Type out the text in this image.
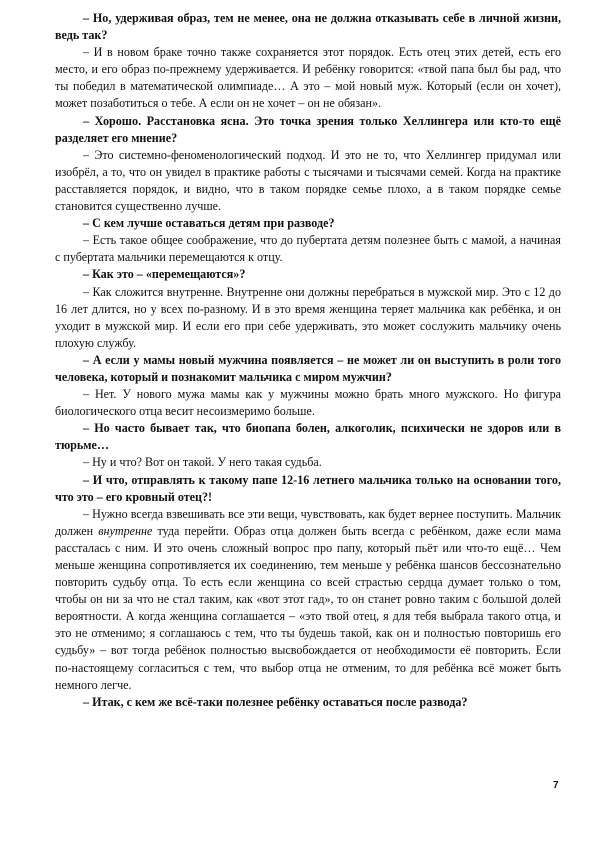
– Но, удерживая образ, тем не менее, она не должна отказывать себе в личной жизни, ведь так?

– И в новом браке точно также сохраняется этот порядок. Есть отец этих детей, есть его место, и его образ по-прежнему удерживается. И ребёнку говорится: «твой папа был бы рад, что ты победил в математической олимпиаде… А это – мой новый муж. Который (если он хочет), может позаботиться о тебе. А если он не хочет – он не обязан».

– Хорошо. Расстановка ясна. Это точка зрения только Хеллингера или кто-то ещё разделяет его мнение?

– Это системно-феноменологический подход. И это не то, что Хеллингер придумал или изобрёл, а то, что он увидел в практике работы с тысячами и тысячами семей. Когда на практике расставляется порядок, и видно, что в таком порядке семье плохо, а в таком порядке семье становится существенно лучше.

– С кем лучше оставаться детям при разводе?

– Есть такое общее соображение, что до пубертата детям полезнее быть с мамой, а начиная с пубертата мальчики перемещаются к отцу.

– Как это – «перемещаются»?

– Как сложится внутренне. Внутренне они должны перебраться в мужской мир. Это с 12 до 16 лет длится, но у всех по-разному. И в это время женщина теряет мальчика как ребёнка, и он уходит в мужской мир. И если его при себе удерживать, это может сослужить мальчику очень плохую службу.

– А если у мамы новый мужчина появляется – не может ли он выступить в роли того человека, который и познакомит мальчика с миром мужчин?

– Нет. У нового мужа мамы как у мужчины можно брать много мужского. Но фигура биологического отца весит несоизмеримо больше.

– Но часто бывает так, что биопапа болен, алкоголик, психически не здоров или в тюрьме…

– Ну и что? Вот он такой. У него такая судьба.

– И что, отправлять к такому папе 12-16 летнего мальчика только на основании того, что это – его кровный отец?!

– Нужно всегда взвешивать все эти вещи, чувствовать, как будет вернее поступить. Мальчик должен внутренне туда перейти. Образ отца должен быть всегда с ребёнком, даже если мама рассталась с ним. И это очень сложный вопрос про папу, который пьёт или что-то ещё… Чем меньше женщина сопротивляется их соединению, тем меньше у ребёнка шансов бессознательно повторить судьбу отца. То есть если женщина со всей страстью сердца думает только о том, чтобы он ни за что не стал таким, как «вот этот гад», то он станет ровно таким с большой долей вероятности. А когда женщина соглашается – «это твой отец, я для тебя выбрала такого отца, и это не отменимо; я соглашаюсь с тем, что ты будешь такой, как он и полностью повторишь его судьбу» – вот тогда ребёнок полностью высвобождается от необходимости её повторить. Если по-настоящему согласиться с тем, что выбор отца не отменим, то для ребёнка всё может быть немного легче.

– Итак, с кем же всё-таки полезнее ребёнку оставаться после развода?

7
